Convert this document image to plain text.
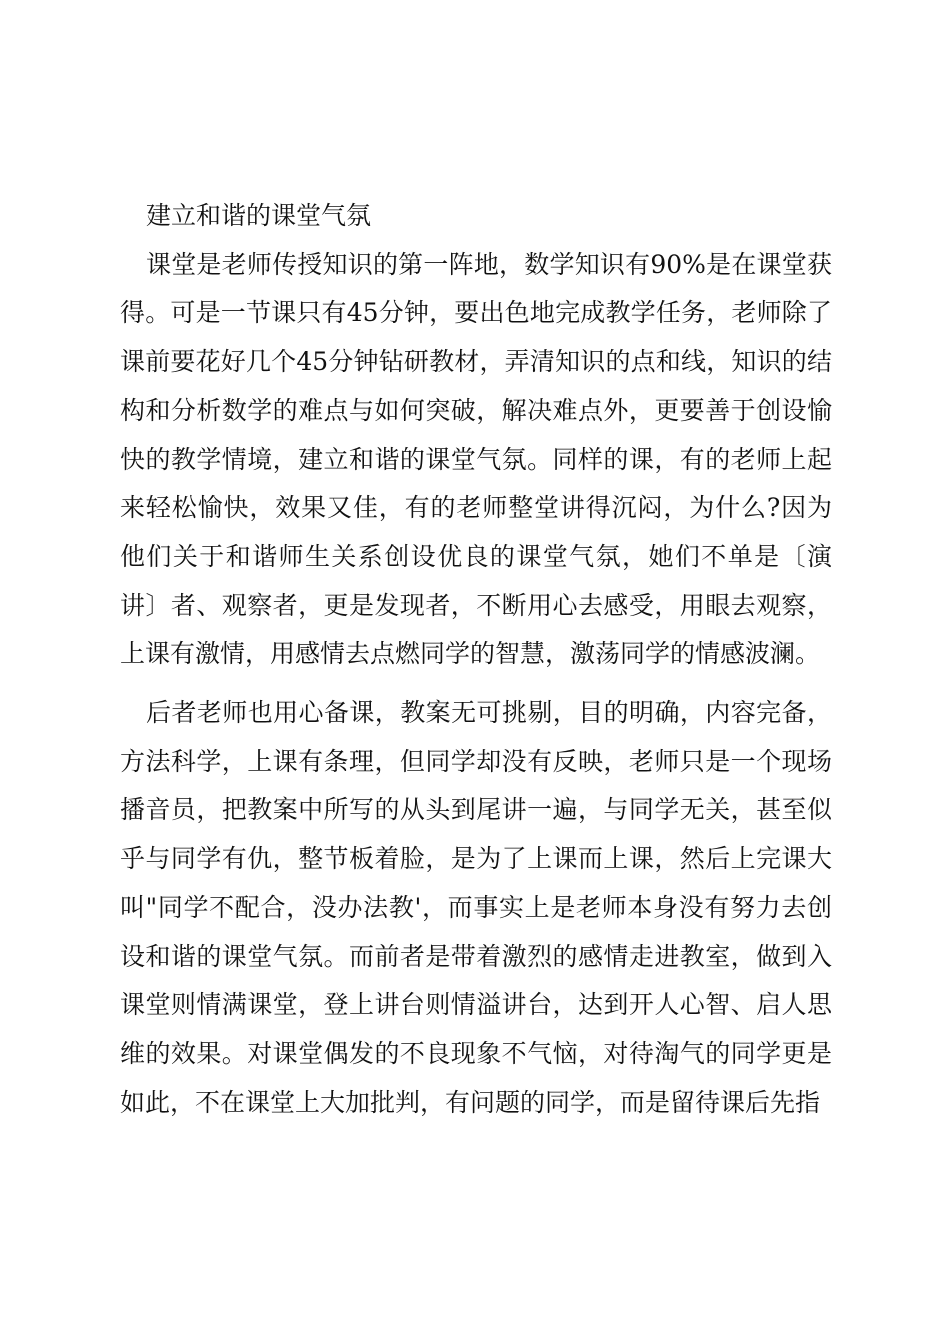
建立和谐的课堂气氛

课堂是老师传授知识的第一阵地，数学知识有90%是在课堂获得。可是一节课只有45分钟，要出色地完成教学任务，老师除了课前要花好几个45分钟钻研教材，弄清知识的点和线，知识的结构和分析数学的难点与如何突破，解决难点外，更要善于创设愉快的教学情境，建立和谐的课堂气氛。同样的课，有的老师上起来轻松愉快，效果又佳，有的老师整堂讲得沉闷，为什么?因为他们关于和谐师生关系创设优良的课堂气氛，她们不单是〔演讲〕者、观察者，更是发现者，不断用心去感受，用眼去观察，上课有激情，用感情去点燃同学的智慧，激荡同学的情感波澜。

后者老师也用心备课，教案无可挑剔，目的明确，内容完备，方法科学，上课有条理，但同学却没有反映，老师只是一个现场播音员，把教案中所写的从头到尾讲一遍，与同学无关，甚至似乎与同学有仇，整节板着脸，是为了上课而上课，然后上完课大叫"同学不配合，没办法教'，而事实上是老师本身没有努力去创设和谐的课堂气氛。而前者是带着激烈的感情走进教室，做到入课堂则情满课堂，登上讲台则情溢讲台，达到开人心智、启人思维的效果。对课堂偶发的不良现象不气恼，对待淘气的同学更是如此，不在课堂上大加批判，有问题的同学，而是留待课后先指
